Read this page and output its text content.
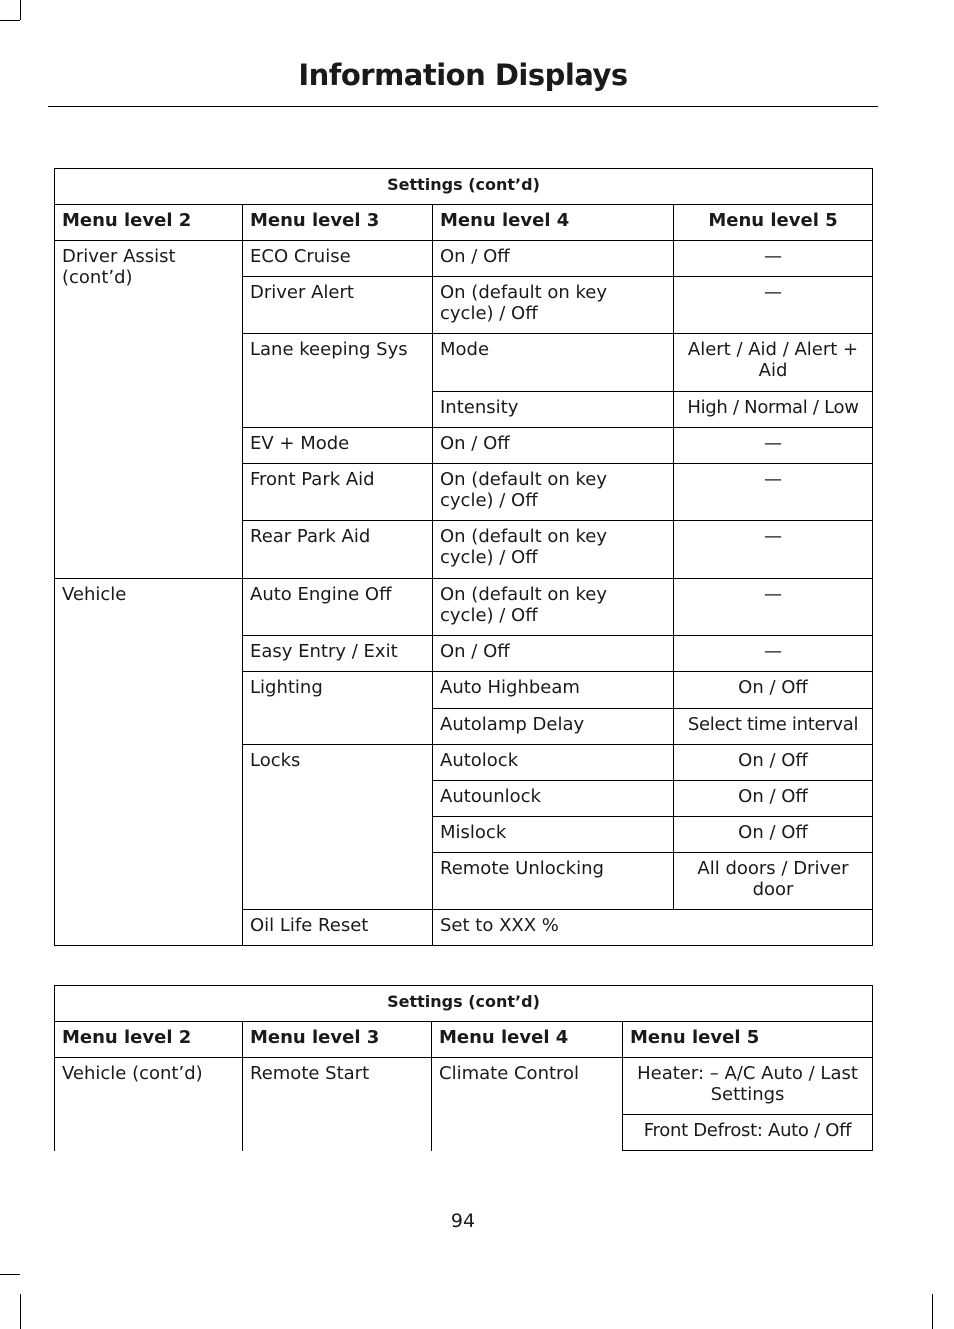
Information Displays
Settings (cont’d)			
Menu level 2	Menu level 3	Menu level 4	Menu level 5
Driver Assist (cont’d)	ECO Cruise	On / Off	—
	Driver Alert	On (default on key cycle) / Off	—
	Lane keeping Sys	Mode	Alert / Aid / Alert + Aid
		Intensity	High / Normal / Low
	EV + Mode	On / Off	—
	Front Park Aid	On (default on key cycle) / Off	—
	Rear Park Aid	On (default on key cycle) / Off	—
Vehicle	Auto Engine Off	On (default on key cycle) / Off	—
	Easy Entry / Exit	On / Off	—
	Lighting	Auto Highbeam	On / Off
		Autolamp Delay	Select time interval
	Locks	Autolock	On / Off
		Autounlock	On / Off
		Mislock	On / Off
		Remote Unlocking	All doors / Driver door
	Oil Life Reset	Set to XXX %	
Settings (cont’d)			
Menu level 2	Menu level 3	Menu level 4	Menu level 5
Vehicle (cont’d)	Remote Start	Climate Control	Heater: – A/C Auto / Last Settings
			Front Defrost: Auto / Off
94
